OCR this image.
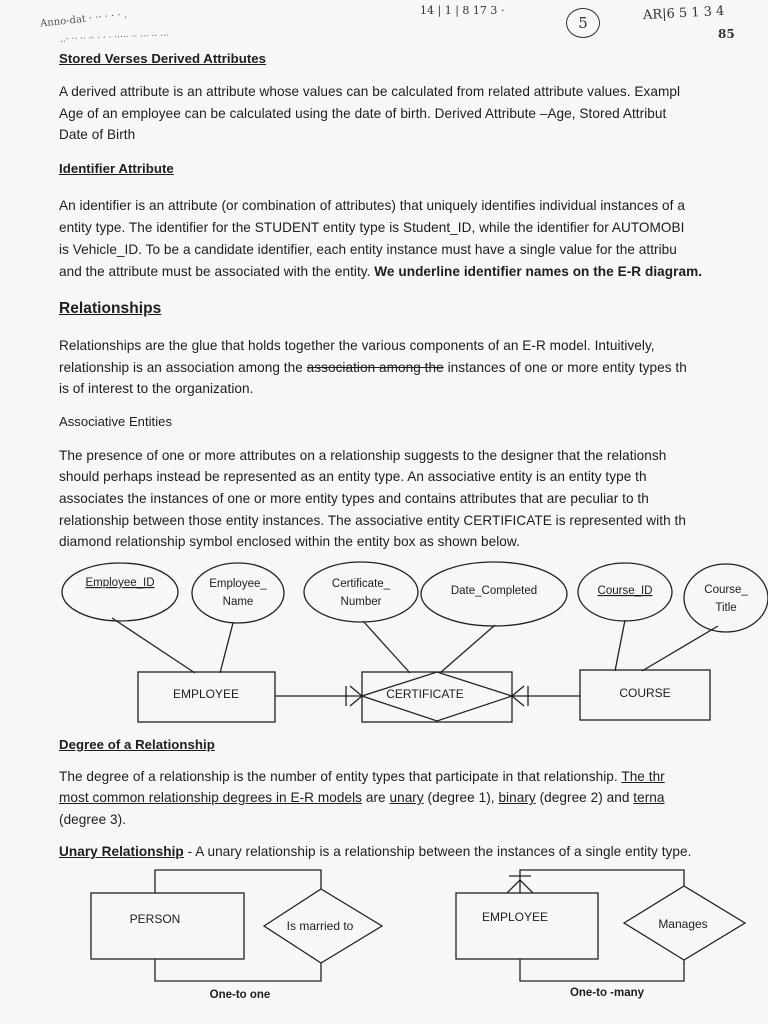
Anno-dat · ·· · · · .
..· ·· ·· ·· · · · ····· ·· ··· ·· ···
14 | 1 | 8 17 3 ·
5	AR|6 5 1 3 4
85
Stored Verses Derived Attributes
A derived attribute is an attribute whose values can be calculated from related attribute values. Exampl
Age of an employee can be calculated using the date of birth. Derived Attribute –Age, Stored Attribut
Date of Birth
Identifier Attribute
An identifier is an attribute (or combination of attributes) that uniquely identifies individual instances of a
entity type. The identifier for the STUDENT entity type is Student_ID, while the identifier for AUTOMOBI
is Vehicle_ID. To be a candidate identifier, each entity instance must have a single value for the attribu
and the attribute must be associated with the entity. We underline identifier names on the E-R diagram.
Relationships
Relationships are the glue that holds together the various components of an E-R model. Intuitively,
relationship is an association among the association among the instances of one or more entity types th
is of interest to the organization.
Associative Entities
The presence of one or more attributes on a relationship suggests to the designer that the relationsh
should perhaps instead be represented as an entity type. An associative entity is an entity type th
associates the instances of one or more entity types and contains attributes that are peculiar to th
relationship between those entity instances. The associative entity CERTIFICATE is represented with th
diamond relationship symbol enclosed within the entity box as shown below.
Employee_ID	Employee_
Name
Certificate_
Number
Date_Completed	Course_ID	Course_
Title
EMPLOYEE	CERTIFICATE	COURSE
Degree of a Relationship
The degree of a relationship is the number of entity types that participate in that relationship. The thr
most common relationship degrees in E-R models are unary (degree 1), binary (degree 2) and terna
(degree 3).
Unary Relationship - A unary relationship is a relationship between the instances of a single entity type.
PERSON	Is married to
One-to one
EMPLOYEE	Manages
One-to -many
